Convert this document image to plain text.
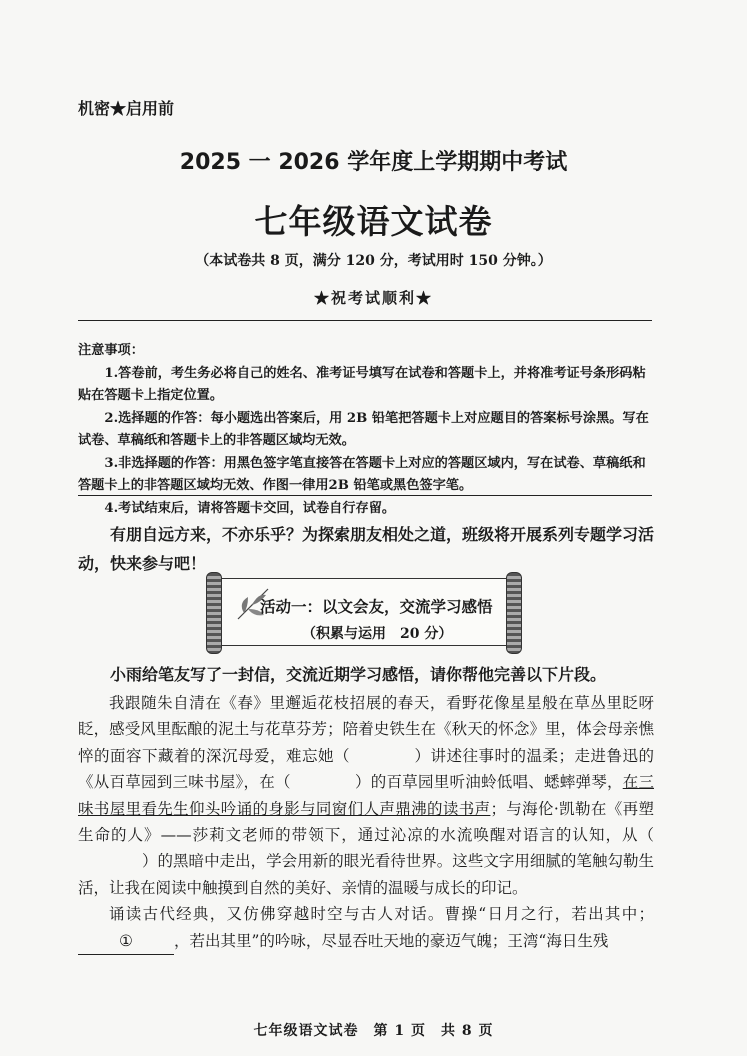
机密★启用前
2025 一 2026 学年度上学期期中考试
七年级语文试卷
（本试卷共 8 页，满分 120 分，考试用时 150 分钟。）
★祝考试顺利★

注意事项：

1.答卷前，考生务必将自己的姓名、准考证号填写在试卷和答题卡上，并将准考证号条形码粘贴在答题卡上指定位置。

2.选择题的作答：每小题选出答案后，用 2B 铅笔把答题卡上对应题目的答案标号涂黑。写在试卷、草稿纸和答题卡上的非答题区域均无效。

3.非选择题的作答：用黑色签字笔直接答在答题卡上对应的答题区域内，写在试卷、草稿纸和答题卡上的非答题区域均无效、作图一律用2B 铅笔或黑色签字笔。

4.考试结束后，请将答题卡交回，试卷自行存留。

有朋自远方来，不亦乐乎？为探索朋友相处之道，班级将开展系列专题学习活动，快来参与吧！
活动一：以文会友，交流学习感悟
（积累与运用　20 分）
小雨给笔友写了一封信，交流近期学习感悟，请你帮他完善以下片段。

我跟随朱自清在《春》里邂逅花枝招展的春天，看野花像星星般在草丛里眨呀眨，感受风里酝酿的泥土与花草芬芳；陪着史铁生在《秋天的怀念》里，体会母亲憔悴的面容下藏着的深沉母爱，难忘她（	）讲述往事时的温柔；走进鲁迅的《从百草园到三味书屋》，在（	）的百草园里听油蛉低唱、蟋蟀弹琴，在三味书屋里看先生仰头吟诵的身影与同窗们人声鼎沸的读书声；与海伦·凯勒在《再塑生命的人》——莎莉文老师的带领下，通过沁凉的水流唤醒对语言的认知，从（）的黑暗中走出，学会用新的眼光看待世界。这些文字用细腻的笔触勾勒生活，让我在阅读中触摸到自然的美好、亲情的温暖与成长的印记。

诵读古代经典，又仿佛穿越时空与古人对话。曹操“日月之行，若出其中；①	，若出其里”的吟咏，尽显吞吐天地的豪迈气魄；王湾“海日生残

七年级语文试卷　第 1 页　共 8 页
